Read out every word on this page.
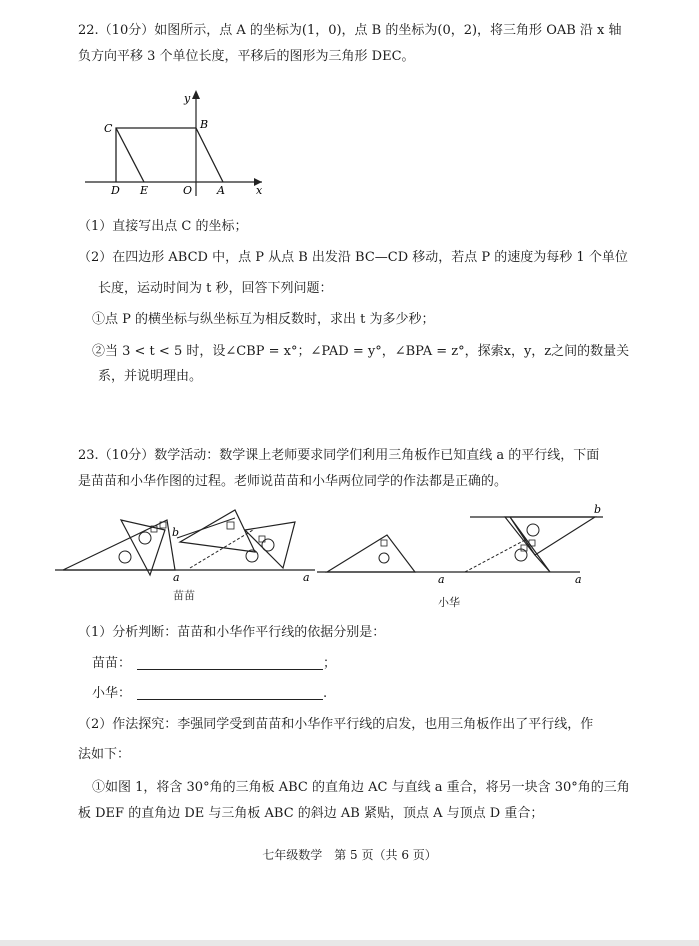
22.（10分）如图所示，点 A 的坐标为(1，0)，点 B 的坐标为(0，2)，将三角形 OAB 沿 x 轴
负方向平移 3 个单位长度，平移后的图形为三角形 DEC。
y
x
B
C
D E	O A
（1）直接写出点 C 的坐标；
（2）在四边形 ABCD 中，点 P 从点 B 出发沿 BC—CD 移动，若点 P 的速度为每秒 1 个单位
长度，运动时间为 t 秒，回答下列问题：
①点 P 的横坐标与纵坐标互为相反数时，求出 t 为多少秒；
②当 3 < t < 5 时，设∠CBP = x°；∠PAD = y°，∠BPA = z°，探索x，y，z之间的数量关
系，并说明理由。
23.（10分）数学活动：数学课上老师要求同学们利用三角板作已知直线 a 的平行线，下面
是苗苗和小华作图的过程。老师说苗苗和小华两位同学的作法都是正确的。
a	a
b
a	a
b
苗苗
小华
（1）分析判断：苗苗和小华作平行线的依据分别是：
苗苗：	；
小华：	.
（2）作法探究：李强同学受到苗苗和小华作平行线的启发，也用三角板作出了平行线，作
法如下：
①如图 1，将含 30°角的三角板 ABC 的直角边 AC 与直线 a 重合，将另一块含 30°角的三角
板 DEF 的直角边 DE 与三角板 ABC 的斜边 AB 紧贴，顶点 A 与顶点 D 重合；
七年级数学　第 5 页（共 6 页）
